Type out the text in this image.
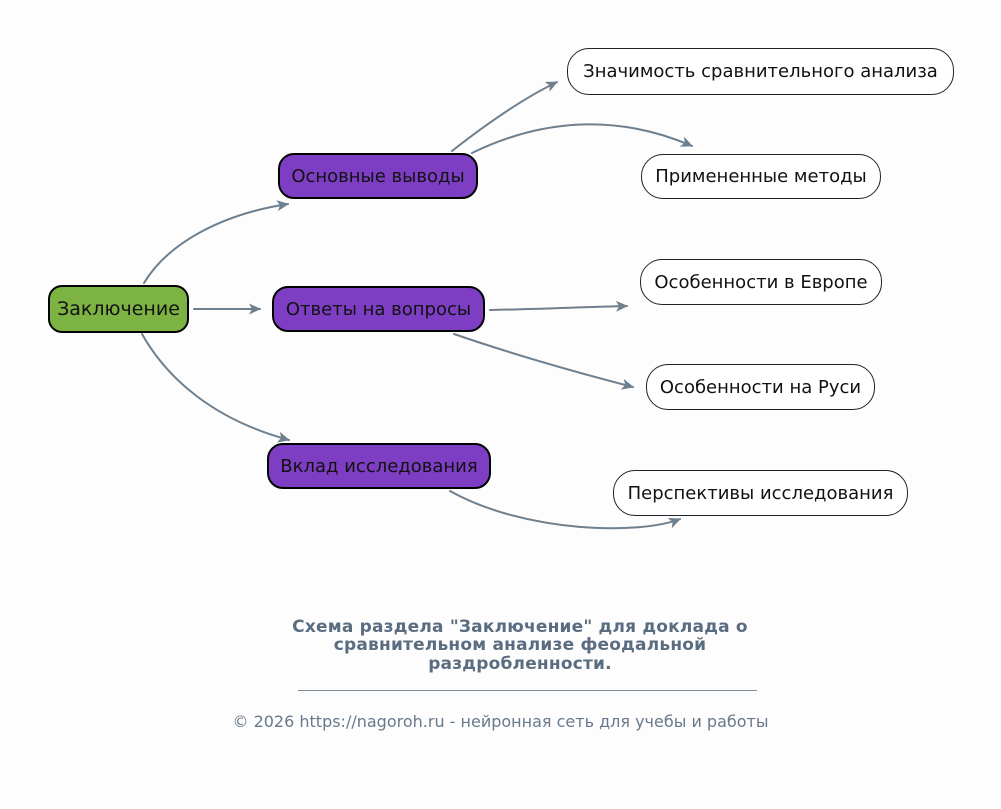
Заключение
Основные выводы
Ответы на вопросы
Вклад исследования
Значимость сравнительного анализа
Примененные методы
Особенности в Европе
Особенности на Руси
Перспективы исследования
Схема раздела "Заключение" для доклада о
сравнительном анализе феодальной
раздробленности.
© 2026 https://nagoroh.ru - нейронная сеть для учебы и работы
